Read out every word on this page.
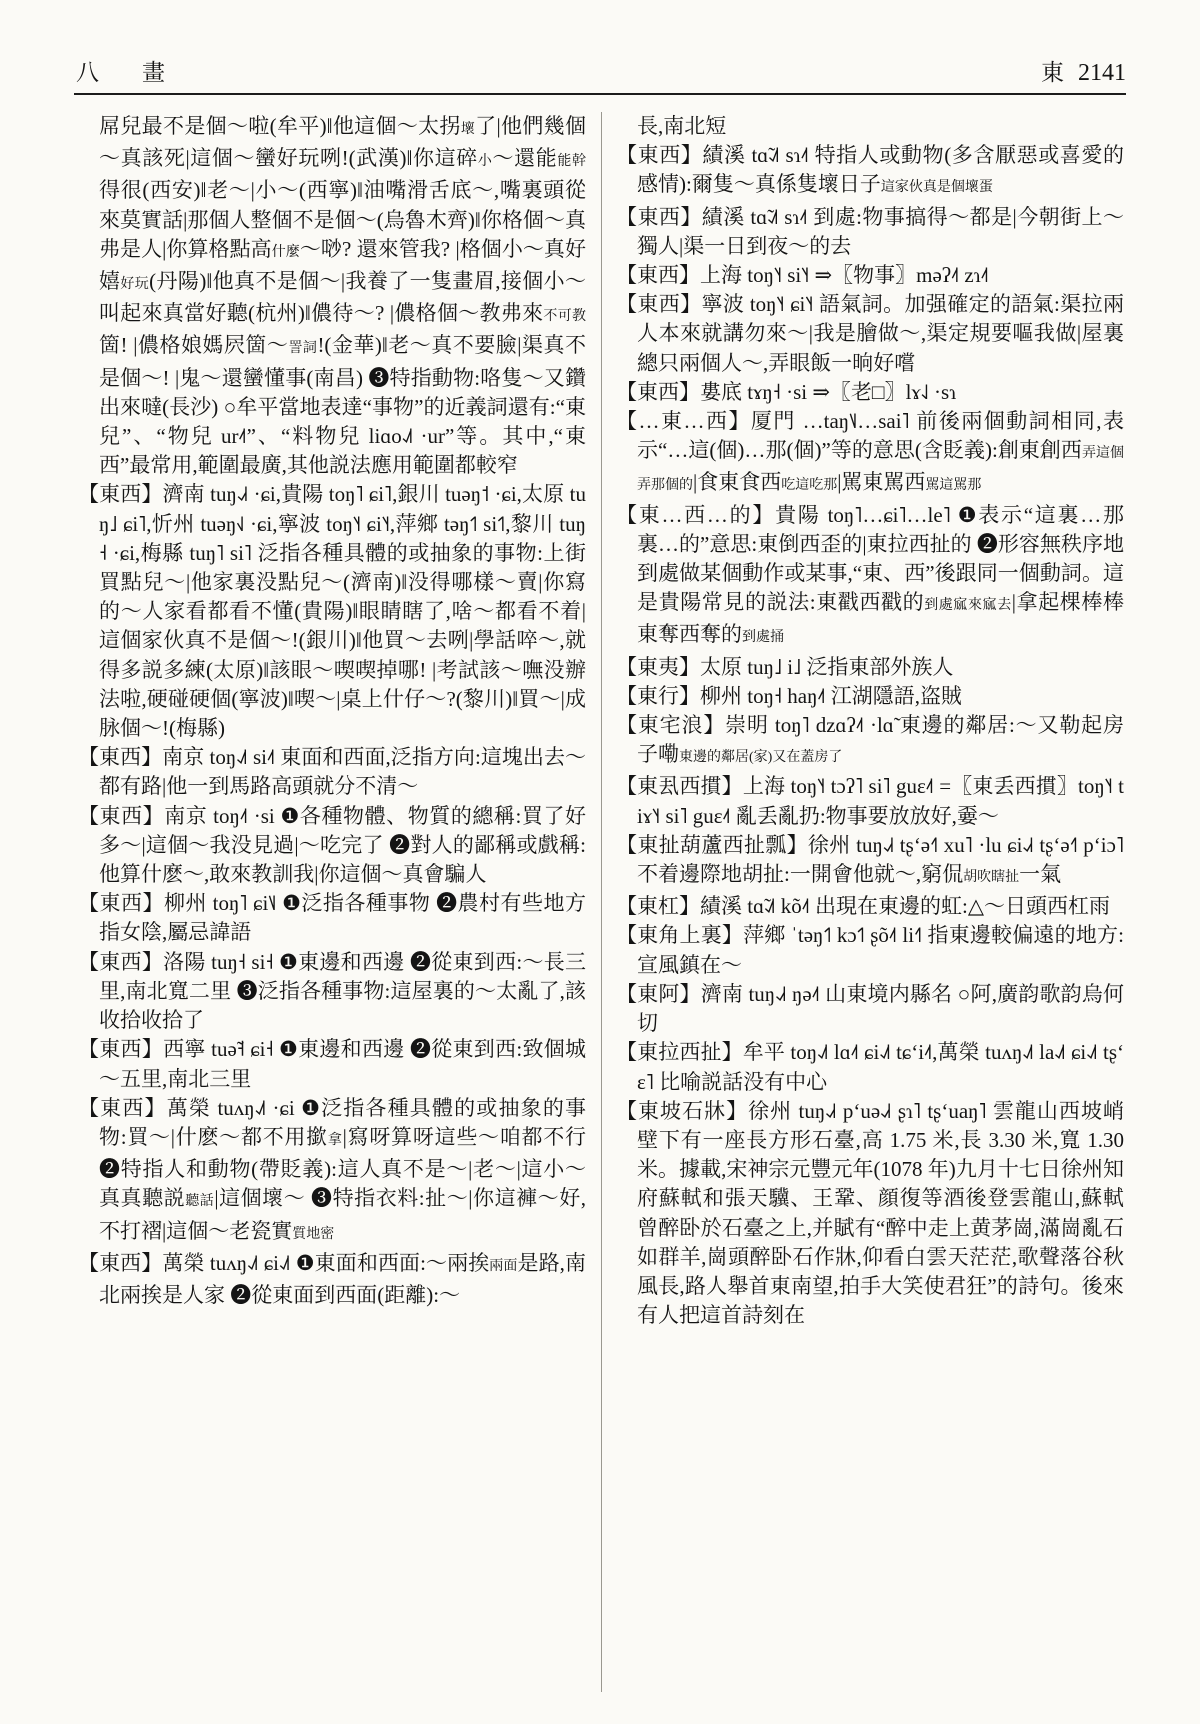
八　畫	東 2141

屌兒最不是個～啦(牟平)‖他這個～太拐壞了|他們幾個～真該死|這個～蠻好玩咧!(武漢)‖你這碎小～還能能幹得很(西安)‖老～|小～(西寧)‖油嘴滑舌底～,嘴裏頭從來莫實話|那個人整個不是個～(烏魯木齊)‖你格個～真弗是人|你算格點高什麼～唦? 還來管我? |格個小～真好嬉好玩(丹陽)‖他真不是個～|我養了一隻畫眉,接個小～叫起來真當好聽(杭州)‖儂待～? |儂格個～教弗來不可教箇! |儂格娘媽屄箇～詈詞!(金華)‖老～真不要臉|渠真不是個～! |鬼～還蠻懂事(南昌) ❸特指動物:咯隻～又鑽出來噠(長沙) ○牟平當地表達“事物”的近義詞還有:“東兒”、“物兒 ur˨˦”、“料物兒 liɑo˨˩˦ ·ur”等。其中,“東西”最常用,範圍最廣,其他説法應用範圍都較窄

【東西】濟南 tuŋ˨˩˧ ·ɕi,貴陽 toŋ˥ ɕi˥,銀川 tuəŋ˦ ·ɕi,太原 tuŋ˩ ɕi˥,忻州 tuəŋ˧˩ ·ɕi,寧波 toŋ˥˧ ɕi˥˧,萍鄉 təŋ˦˥ si˦˥,黎川 tuŋ˧ ·ɕi,梅縣 tuŋ˥ si˥ 泛指各種具體的或抽象的事物:上街買點兒～|他家裏没點兒～(濟南)‖没得哪樣～賣|你寫的～人家看都看不懂(貴陽)‖眼睛瞎了,啥～都看不着|這個家伙真不是個～!(銀川)‖他買～去咧|學話啐～,就得多説多練(太原)‖該眼～喫喫掉哪! |考試該～嘸没辦法啦,硬碰硬個(寧波)‖喫～|桌上什仔～?(黎川)‖買～|成脉個～!(梅縣)

【東西】南京 toŋ˨˩˦ si˨˦ 東面和西面,泛指方向:這塊出去～都有路|他一到馬路高頭就分不清～

【東西】南京 toŋ˨˦ ·si ❶各種物體、物質的總稱:買了好多～|這個～我没見過|～吃完了 ❷對人的鄙稱或戲稱:他算什麽～,敢來教訓我|你這個～真會騙人

【東西】柳州 toŋ˥ ɕi˥˩ ❶泛指各種事物 ❷農村有些地方指女陰,屬忌諱語

【東西】洛陽 tuŋ˧ si˧ ❶東邊和西邊 ❷從東到西:～長三里,南北寬二里 ❸泛指各種事物:這屋裏的～太亂了,該收拾收拾了

【東西】西寧 tuə̃˧ ɕi˧ ❶東邊和西邊 ❷從東到西:致個城～五里,南北三里

【東西】萬榮 tuʌŋ˨˩˦ ·ɕi ❶泛指各種具體的或抽象的事物:買～|什麽～都不用撳拿|寫呀算呀這些～咱都不行 ❷特指人和動物(帶貶義):這人真不是～|老～|這小～真真聽説聽話|這個壞～ ❸特指衣料:扯～|你這褲～好,不打褶|這個～老瓷實質地密

【東西】萬榮 tuʌŋ˨˩˦ ɕi˨˩˦ ❶東面和西面:～兩挨兩面是路,南北兩挨是人家 ❷從東面到西面(距離):～

長,南北短

【東西】績溪 tɑ̃˨˩˦ sɿ˨˦ 特指人或動物(多含厭惡或喜愛的感情):爾隻～真係隻壞日子這家伙真是個壞蛋

【東西】績溪 tɑ̃˨˩˦ sɿ˨˦ 到處:物事搞得～都是|今朝街上～獨人|渠一日到夜～的去

【東西】上海 toŋ˥˧ si˥˧ ⇒〖物事〗məʔ˨˦ zɿ˨˦

【東西】寧波 toŋ˥˧ ɕi˥˧ 語氣詞。加强確定的語氣:渠拉兩人本來就講勿來～|我是膾做～,渠定規要嘔我做|屋裏總只兩個人～,弄眼飯一晌好嚐

【東西】婁底 tɤŋ˧ ·si ⇒〖老□〗lɤ˨˩ ·sɿ

【…東…西】厦門 …taŋ˥˩…sai˥ 前後兩個動詞相同,表示“…這(個)…那(個)”等的意思(含貶義):創東創西弄這個弄那個的|食東食西吃這吃那|駡東駡西駡這駡那

【東…西…的】貴陽 toŋ˥…ɕi˥…le˥ ❶表示“這裏…那裏…的”意思:東倒西歪的|東拉西扯的 ❷形容無秩序地到處做某個動作或某事,“東、西”後跟同一個動詞。這是貴陽常見的説法:東戳西戳的到處寙來寙去|拿起棵棒棒東奪西奪的到處捅

【東夷】太原 tuŋ˩ i˩ 泛指東部外族人

【東行】柳州 toŋ˧ haŋ˨˦ 江湖隱語,盗賊

【東宅浪】崇明 toŋ˥ dzɑʔ˨˦ ·lɑ̃ 東邊的鄰居:～又勒起房子嘞東邊的鄰居(家)又在蓋房了

【東厾西摜】上海 toŋ˥˧ tɔʔ˥ si˥ guɛ˨˦ =〖東丢西摜〗toŋ˥˧ tiɤ˥˧ si˥ guɛ˨˦ 亂丢亂扔:物事要放放好,嫑～

【東扯葫蘆西扯瓢】徐州 tuŋ˨˩˧ tʂʻə˧˥ xu˥ ·lu ɕi˨˩˧ tʂʻə˧˥ pʻiɔ˥ 不着邊際地胡扯:一開會他就～,窮侃胡吹瞎扯一氣

【東杠】績溪 tɑ̃˨˩˦ kõ˨˦ 出現在東邊的虹:△～日頭西杠雨

【東角上裏】萍鄉 ˈtəŋ˦˥ kɔ˦˥ ʂõ˨˦ li˧˥ 指東邊較偏遠的地方:宣風鎮在～

【東阿】濟南 tuŋ˨˩˧ ŋə˨˦ 山東境内縣名 ○阿,廣韵歌韵烏何切

【東拉西扯】牟平 toŋ˨˩˦ lɑ˨˦ ɕi˨˩˦ tɕʻi˨˦,萬榮 tuʌŋ˨˩˦ la˨˩˦ ɕi˨˩˦ tʂʻɛ˥ 比喻説話没有中心

【東坡石牀】徐州 tuŋ˨˩˧ pʻuə˨˩˧ ʂɿ˥ tʂʻuaŋ˥ 雲龍山西坡峭壁下有一座長方形石臺,高 1.75 米,長 3.30 米,寬 1.30 米。據載,宋神宗元豐元年(1078 年)九月十七日徐州知府蘇軾和張天驥、王鞏、顔復等酒後登雲龍山,蘇軾曾醉卧於石臺之上,并賦有“醉中走上黄茅崗,滿崗亂石如群羊,崗頭醉卧石作牀,仰看白雲天茫茫,歌聲落谷秋風長,路人舉首東南望,拍手大笑使君狂”的詩句。後來有人把這首詩刻在
